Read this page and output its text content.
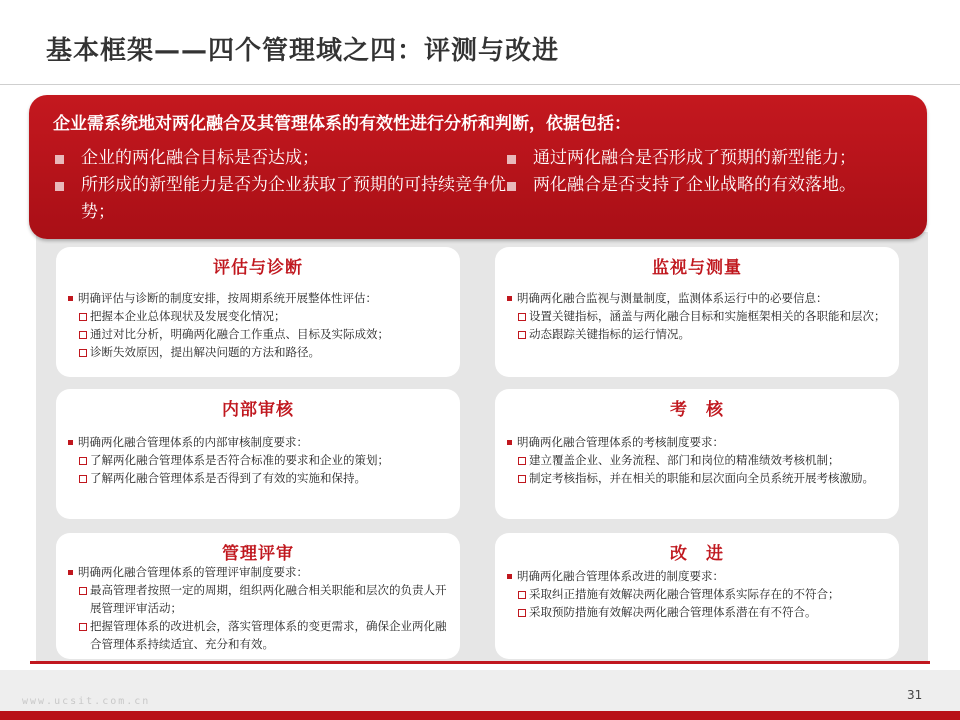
基本框架——四个管理域之四：评测与改进
企业需系统地对两化融合及其管理体系的有效性进行分析和判断，依据包括：
企业的两化融合目标是否达成；
所形成的新型能力是否为企业获取了预期的可持续竞争优势；
通过两化融合是否形成了预期的新型能力；
两化融合是否支持了企业战略的有效落地。
评估与诊断
明确评估与诊断的制度安排，按周期系统开展整体性评估：
把握本企业总体现状及发展变化情况；
通过对比分析，明确两化融合工作重点、目标及实际成效；
诊断失效原因，提出解决问题的方法和路径。
监视与测量
明确两化融合监视与测量制度，监测体系运行中的必要信息：
设置关键指标，涵盖与两化融合目标和实施框架相关的各职能和层次；
动态跟踪关键指标的运行情况。
内部审核
明确两化融合管理体系的内部审核制度要求：
了解两化融合管理体系是否符合标准的要求和企业的策划；
了解两化融合管理体系是否得到了有效的实施和保持。
考　核
明确两化融合管理体系的考核制度要求：
建立覆盖企业、业务流程、部门和岗位的精准绩效考核机制；
制定考核指标，并在相关的职能和层次面向全员系统开展考核激励。
管理评审
明确两化融合管理体系的管理评审制度要求：
最高管理者按照一定的周期，组织两化融合相关职能和层次的负责人开展管理评审活动；
把握管理体系的改进机会，落实管理体系的变更需求，确保企业两化融合管理体系持续适宜、充分和有效。
改　进
明确两化融合管理体系改进的制度要求：
采取纠正措施有效解决两化融合管理体系实际存在的不符合；
采取预防措施有效解决两化融合管理体系潜在有不符合。
www.ucsit.com.cn	31
